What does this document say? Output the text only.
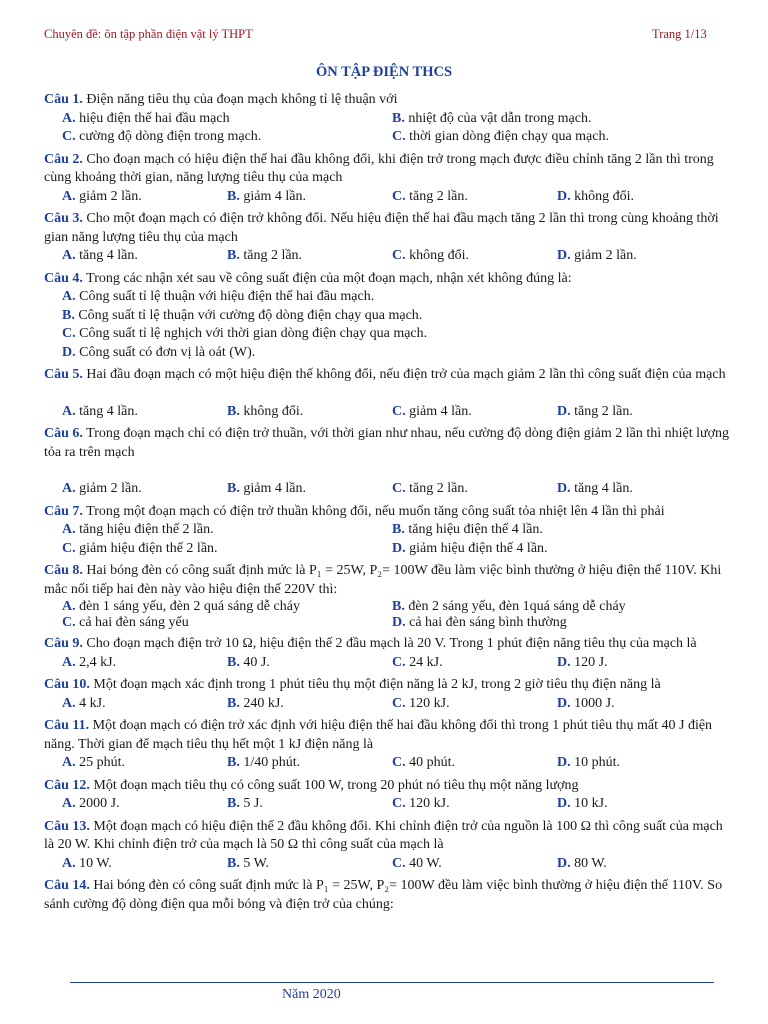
Chuyên đề: ôn tập phần điện vật lý THPT	Trang 1/13
ÔN TẬP ĐIỆN THCS
Câu 1. Điện năng tiêu thụ của đoạn mạch không tỉ lệ thuận với
A. hiệu điện thế hai đầu mạch	B. nhiệt độ của vật dẫn trong mạch.
C. cường độ dòng điện trong mạch.	C. thời gian dòng điện chạy qua mạch.
Câu 2. Cho đoạn mạch có hiệu điện thế hai đầu không đổi, khi điện trở trong mạch được điều chỉnh tăng 2 lần thì trong cùng khoảng thời gian, năng lượng tiêu thụ của mạch
A. giảm 2 lần.	B. giảm 4 lần.	C. tăng 2 lần.	D. không đổi.
Câu 3. Cho một đoạn mạch có điện trở không đổi. Nếu hiệu điện thế hai đầu mạch tăng 2 lần thì trong cùng khoảng thời gian năng lượng tiêu thụ của mạch
A. tăng 4 lần.	B. tăng 2 lần.	C. không đổi.	D. giảm 2 lần.
Câu 4. Trong các nhận xét sau về công suất điện của một đoạn mạch, nhận xét không đúng là:
A. Công suất tỉ lệ thuận với hiệu điện thế hai đầu mạch.
B. Công suất tỉ lệ thuận với cường độ dòng điện chạy qua mạch.
C. Công suất tỉ lệ nghịch với thời gian dòng điện chạy qua mạch.
D. Công suất có đơn vị là oát (W).
Câu 5. Hai đầu đoạn mạch có một hiệu điện thế không đổi, nếu điện trở của mạch giảm 2 lần thì công suất điện của mạch
A. tăng 4 lần.	B. không đổi.	C. giảm 4 lần.	D. tăng 2 lần.
Câu 6. Trong đoạn mạch chỉ có điện trở thuần, với thời gian như nhau, nếu cường độ dòng điện giảm 2 lần thì nhiệt lượng tỏa ra trên mạch
A. giảm 2 lần.	B. giảm 4 lần.	C. tăng 2 lần.	D. tăng 4 lần.
Câu 7. Trong một đoạn mạch có điện trở thuần không đổi, nếu muốn tăng công suất tỏa nhiệt lên 4 lần thì phải
A. tăng hiệu điện thế 2 lần.	B. tăng hiệu điện thế 4 lần.
C. giảm hiệu điện thế 2 lần.	D. giảm hiệu điện thế 4 lần.
Câu 8. Hai bóng đèn có công suất định mức là P₁ = 25W, P₂= 100W đều làm việc bình thường ở hiệu điện thế 110V. Khi mắc nối tiếp hai đèn này vào hiệu điện thế 220V thì:
A. đèn 1 sáng yếu, đèn 2 quá sáng dễ cháy	B. đèn 2 sáng yếu, đèn 1quá sáng dễ cháy
C. cả hai đèn sáng yếu	D. cả hai đèn sáng bình thường
Câu 9. Cho đoạn mạch điện trở 10 Ω, hiệu điện thế 2 đầu mạch là 20 V. Trong 1 phút điện năng tiêu thụ của mạch là
A. 2,4 kJ.	B. 40 J.	C. 24 kJ.	D. 120 J.
Câu 10. Một đoạn mạch xác định trong 1 phút tiêu thụ một điện năng là 2 kJ, trong 2 giờ tiêu thụ điện năng là
A. 4 kJ.	B. 240 kJ.	C. 120 kJ.	D. 1000 J.
Câu 11. Một đoạn mạch có điện trở xác định với hiệu điện thế hai đầu không đổi thì trong 1 phút tiêu thụ mất 40 J điện năng. Thời gian để mạch tiêu thụ hết một 1 kJ điện năng là
A. 25 phút.	B. 1/40 phút.	C. 40 phút.	D. 10 phút.
Câu 12. Một đoạn mạch tiêu thụ có công suất 100 W, trong 20 phút nó tiêu thụ một năng lượng
A. 2000 J.	B. 5 J.	C. 120 kJ.	D. 10 kJ.
Câu 13. Một đoạn mạch có hiệu điện thế 2 đầu không đổi. Khi chỉnh điện trở của nguồn là 100 Ω thì công suất của mạch là 20 W. Khi chỉnh điện trở của mạch là 50 Ω thì công suất của mạch là
A. 10 W.	B. 5 W.	C. 40 W.	D. 80 W.
Câu 14. Hai bóng đèn có công suất định mức là P₁ = 25W, P₂= 100W đều làm việc bình thường ở hiệu điện thế 110V. So sánh cường độ dòng điện qua mỗi bóng và điện trở của chúng:
Năm 2020
